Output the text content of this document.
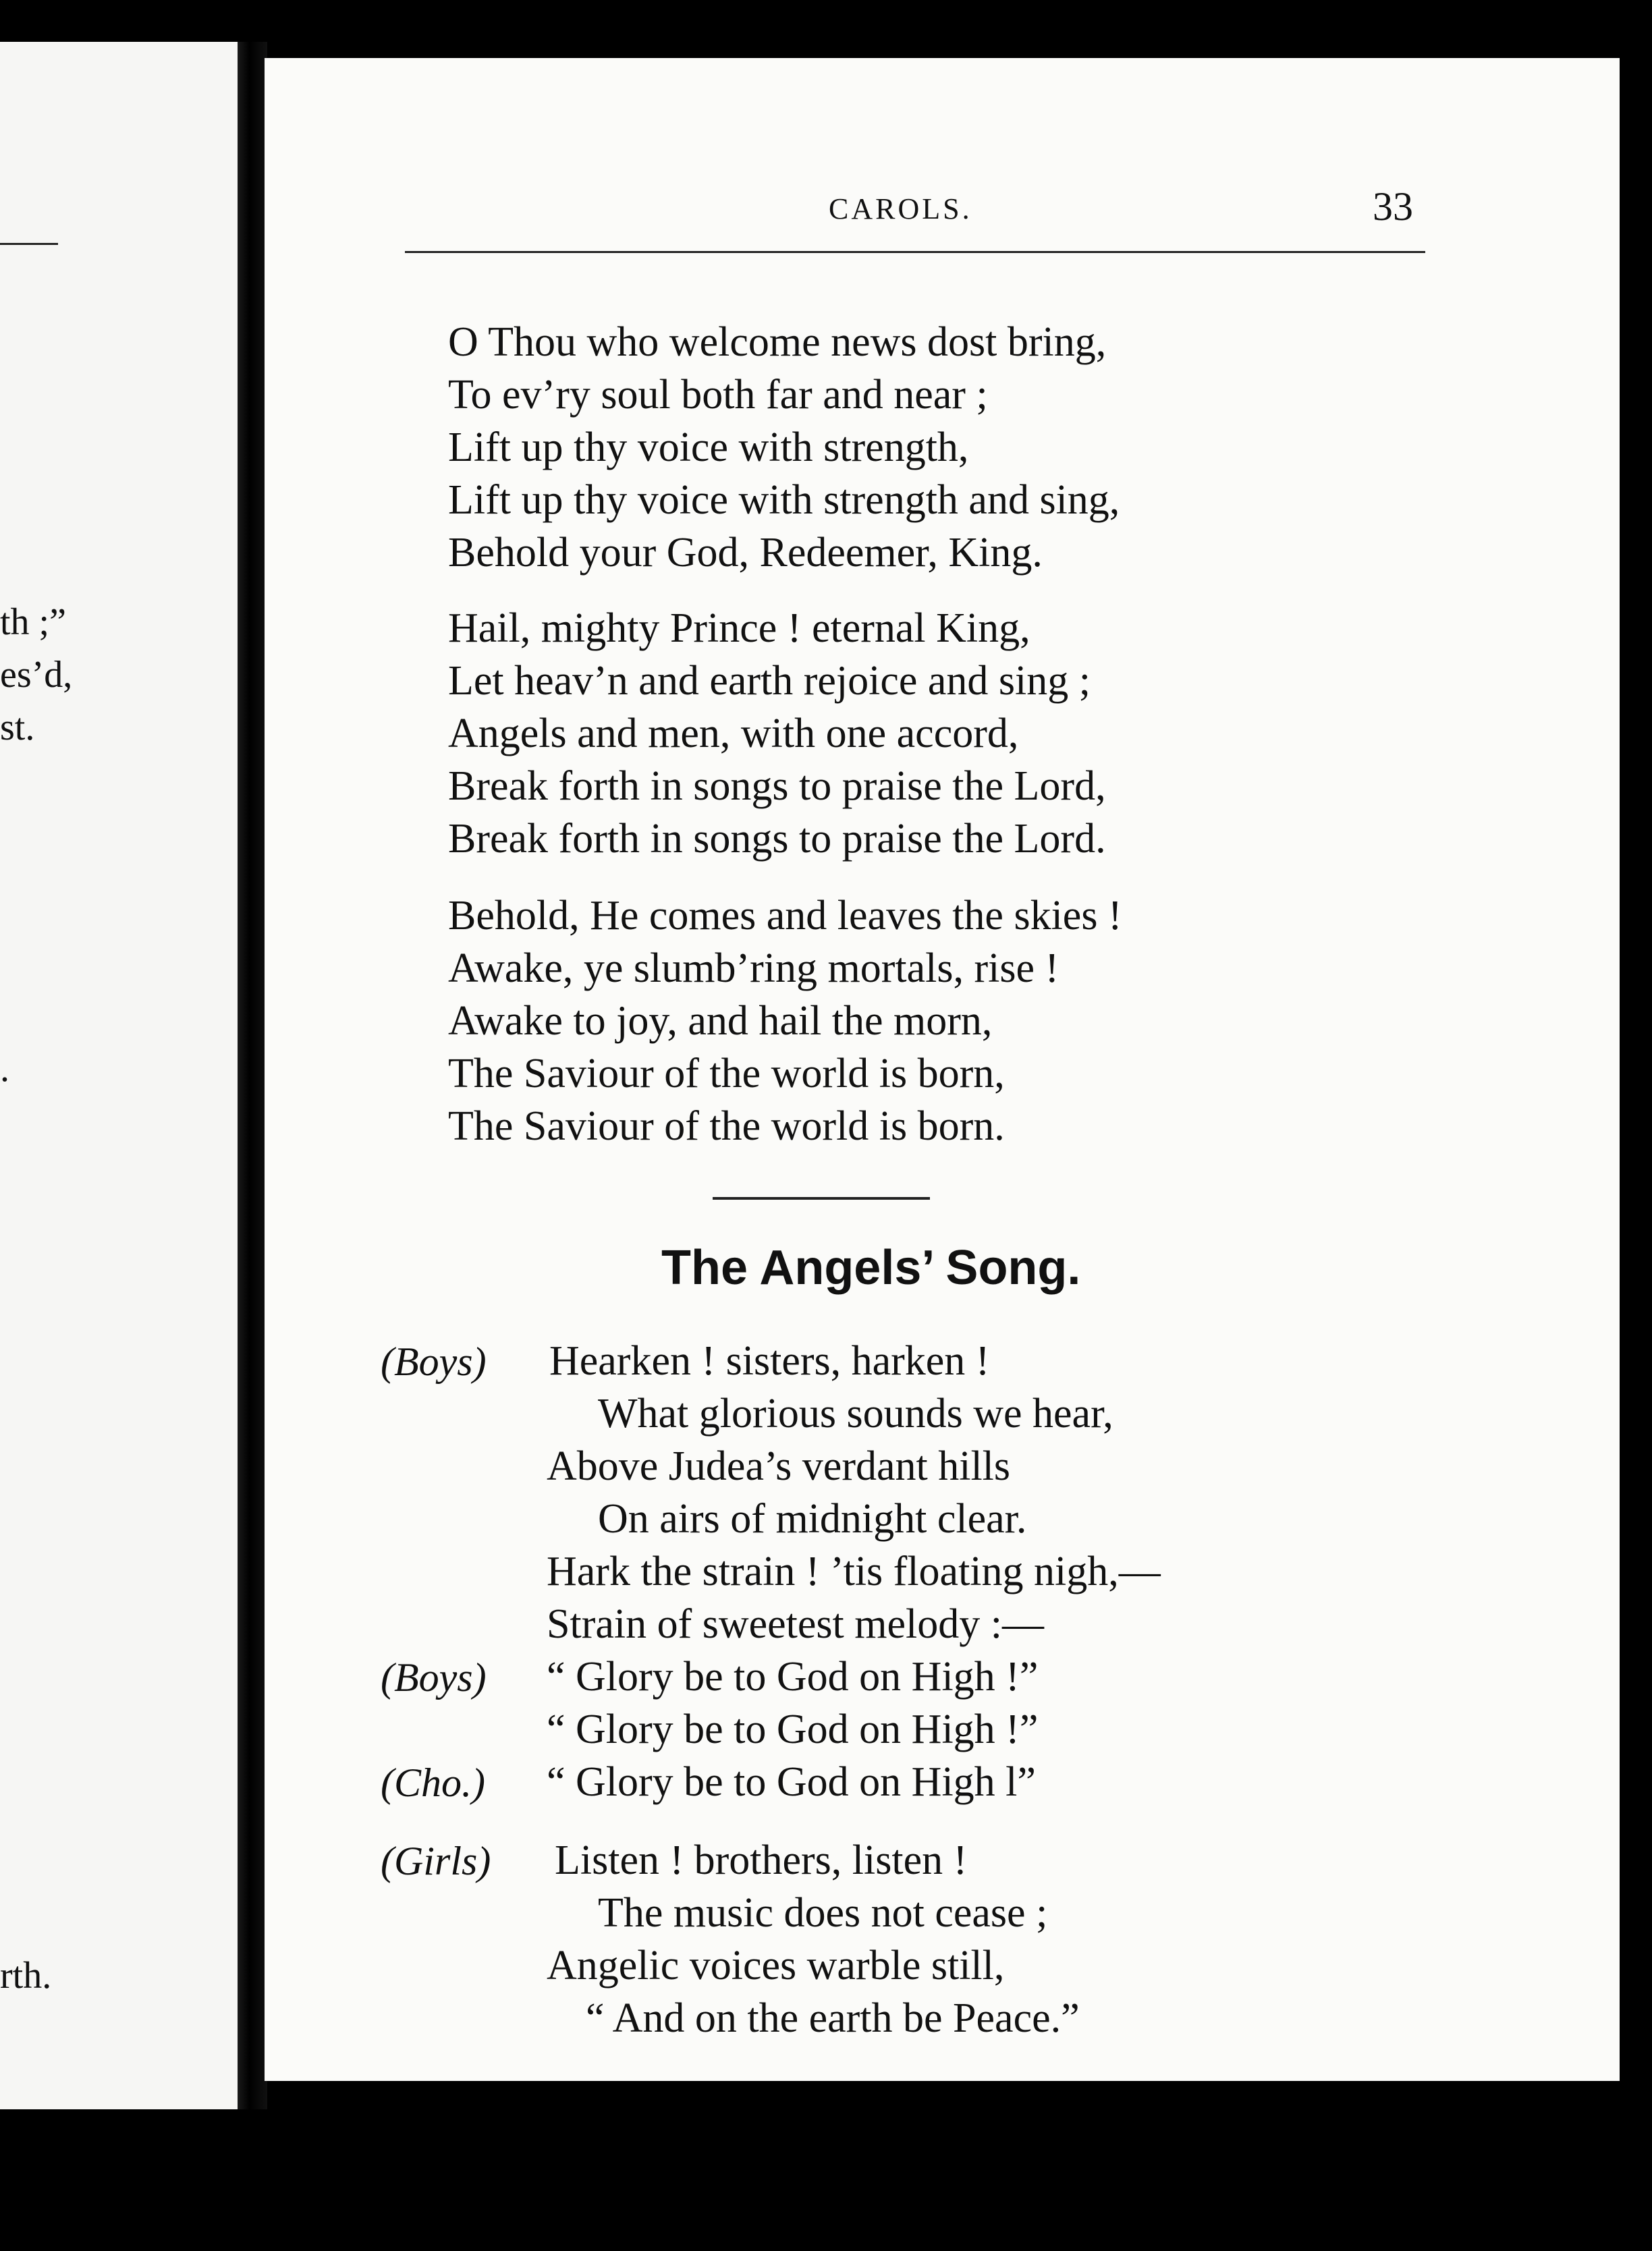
th ;”
es’d,
st.
.
rth.
CAROLS.	33
O Thou who welcome news dost bring,
To ev’ry soul both far and near ;
Lift up thy voice with strength,
Lift up thy voice with strength and sing,
Behold your God, Redeemer, King.
Hail, mighty Prince ! eternal King,
Let heav’n and earth rejoice and sing ;
Angels and men, with one accord,
Break forth in songs to praise the Lord,
Break forth in songs to praise the Lord.
Behold, He comes and leaves the skies !
Awake, ye slumb’ring mortals, rise !
Awake to joy, and hail the morn,
The Saviour of the world is born,
The Saviour of the world is born.
The Angels’ Song.
(Boys) Hearken ! sisters, harken !
What glorious sounds we hear,
Above Judea’s verdant hills
On airs of midnight clear.
Hark the strain ! ’tis floating nigh,—
Strain of sweetest melody :—
(Boys) “ Glory be to God on High !”
“ Glory be to God on High !”
(Cho.) “ Glory be to God on High l”
(Girls) Listen ! brothers, listen !
The music does not cease ;
Angelic voices warble still,
“ And on the earth be Peace.”
